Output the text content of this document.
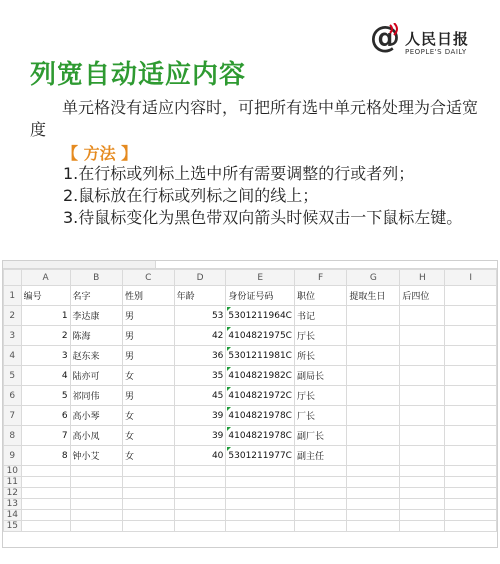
@ 人民日报
PEOPLE'S DAILY
列宽自动适应内容
单元格没有适应内容时，可把所有选中单元格处理为合适宽度
【 方法 】
1.在行标或列标上选中所有需要调整的行或者列；
2.鼠标放在行标或列标之间的线上；
3.待鼠标变化为黑色带双向箭头时候双击一下鼠标左键。
	A	B	C	D	E	F	G	H	I
1	编号	名字	性别	年龄	身份证号码	职位	提取生日	后四位	
2	1	李达康	男	53	5301211964C	书记			
3	2	陈海	男	42	4104821975C	厅长			
4	3	赵东来	男	36	5301211981C	所长			
5	4	陆亦可	女	35	4104821982C	副局长			
6	5	祁同伟	男	45	4104821972C	厅长			
7	6	高小琴	女	39	4104821978C	厂长			
8	7	高小凤	女	39	4104821978C	副厂长			
9	8	钟小艾	女	40	5301211977C	副主任			
10									
11									
12									
13									
14									
15									
